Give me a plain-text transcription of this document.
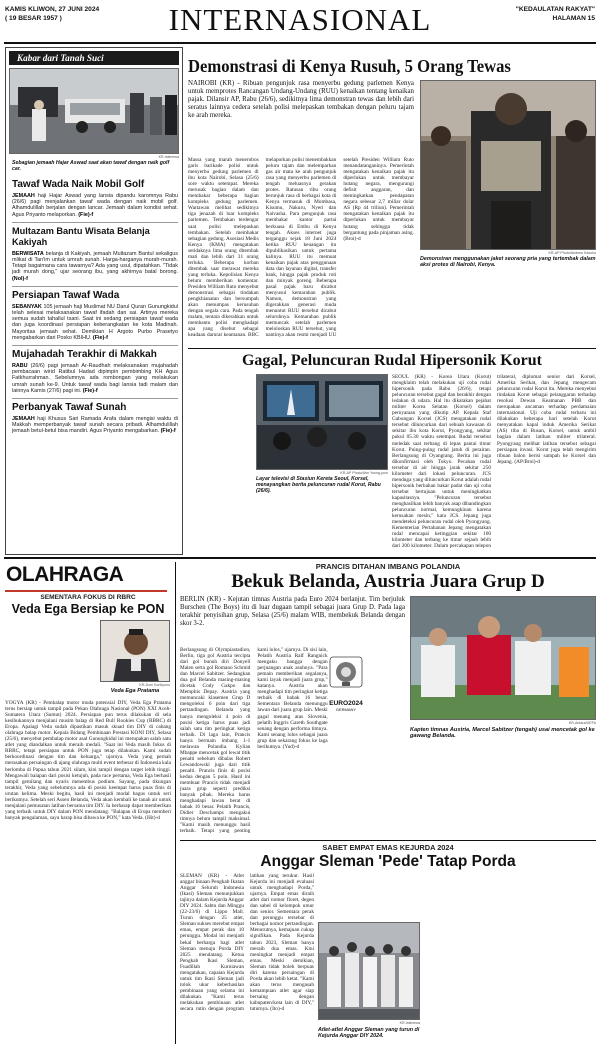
KAMIS KLIWON, 27 JUNI 2024
( 19 BESAR 1957 )	INTERNASIONAL	"KEDAULATAN RAKYAT"
HALAMAN 15
Kabar dari Tanah Suci
KR-Istimewa
Sebagian jemaah Hajar Aswad saat akan tawaf dengan naik golf car.
Tawaf Wada Naik Mobil Golf
JEMAAH haji Hajar Aswad yang lansia dipandu karomnya Rabu (26/6) pagi menjalankan tawaf wada dengan naik mobil golf. Alhamdulillah berjalan dengan lancar. Jemaah dalam kondisi sehat. Agus Priyanto melaporkan. (Fie)-f
Multazam Bantu Wisata Belanja Kakiyah
BERWISATA belanja di Kakiyah, jemaah Multazam Bantul sekaligus mlikat di Tan'im untuk umrah sunah. Harga-harganya murah-murah. Tetapi bagaimana cara tawarnya? Ada yang usul, dipatahkan. "Tidak jadi murah dong," ujar seorang ibu, yang akhirnya batal borong. (Nol)-f
Persiapan Tawaf Wada
SEBANYAK 105 jemaah haji Muslimat NU Darul Quran Gunungkidul telah selesai melaksanakan tawaf ifadah dan sai. Artinya mereka semua sudah tahallul tsani. Saat ini sedang persiapan tawaf wada dan juga koordinasi persiapan keberangkatan ke kota Madinah. Mayoritas jemaah sehat. Demikian H Argoto Purbo Prasetyo mengabarkan dari Posko KBIHU. (Fie)-f
Mujahadah Terakhir di Makkah
RABU (26/6) pagi jemaah Ar-Raudhah melaksanakan mujahadah pembacaan wirid Ratibul Hadad dipimpin pembimbing KH Agus Fatkhurrahman. Sebelumnya ada rombongan yang melakukan umrah sunah ke-9. Untuk tawaf wada bagi lansia tadi malam dan lainnya Kamis (27/6) pagi ini. (Fie)-f
Perbanyak Tawaf Sunah
JEMAAH haji Khusus Sari Ramada Arafa dalam mengisi waktu di Makkah memperbanyak tawaf sunah secara pribadi. Alhamdulillah jemaah betul-betul bisa mandiri. Agus Priyanto mengabarkan. (Fie)-f
Demonstrasi di Kenya Rusuh, 5 Orang Tewas
NAIROBI (KR) - Ribuan pengunjuk rasa menyerbu gedung parlemen Kenya untuk memprotes Rancangan Undang-Undang (RUU) kenaikan tentang kenaikan pajak. Dilansir AP, Rabu (26/6), sedikitnya lima demonstran tewas dan lebih dari seratus lainnya cedera setelah polisi melepaskan tembakan dengan peluru tajam ke arah mereka.
KR-AP Photo/Andrew Kasuku
Demonstran menggunakan jaket seorang pria yang tertembak dalam aksi protes di Nairobi, Kenya.
Massa yang marah menerobos garis barikade polisi untuk menyerbu gedung parlemen di ibu kota Nairobi, Selasa (25/6) sore waktu setempat. Mereka merusak bagian dalam dan membakar beberapa bagian kompleks gedung parlemen. Wartawan melihat sedikitnya tiga jenazah di luar kompleks parlemen. Tembakan terdengar saat polisi melepaskan tembakan. Setelah membakar sebagian gedung. Asosiasi Medis Kenya (KMA) mengatakan setidaknya lima orang ditembak mati dan lebih dari 31 orang terluka. Beberapa korban ditembak saat merawat mereka yang terluka. Kepolisian Kenya belum memberikan komentar. Presiden William Ruto menyebut demonstrasi sebagai tindakan pengkhianatan dan bersumpah akan menumpas kerusuhan dengan segala cara. Pada tengah malam, tentara dikerahkan untuk membantu polisi menghadapi apa yang disebut sebagai keadaan darurat keamanan. BBC melaporkan polisi menembakkan peluru tajam dan melemparkan gas air mata ke arah pengunjuk rasa yang menyerbu parlemen di tengah meluasnya gerakan protes. Ratusan ribu orang berunjuk rasa di berbagai kota di Kenya termasuk di Mombasa, Kisumu, Nakuru, Nyeri dan Naivasha. Para pengunjuk rasa membakar kantor partai berkuasa di Embu di Kenya tengah. Akses internet juga terganggu sejak 18 Juni 2024 ketika RUU keuangan itu dipublikasikan untuk pertama kalinya. RUU itu memuat kenaikan pajak atas penggunaan data dan layanan digital, transfer bank, hingga pajak produk roti dan minyak goreng. Beberapa pasal pajak baru dicabut menyusul kemarahan publik. Namun, demonstran yang digerakkan generasi muda menuntut RUU tersebut dicabut seluruhnya. Kemarahan publik memuncak setelah parlemen meloloskan RUU tersebut, yang nantinya akan resmi menjadi UU setelah Presiden William Ruto menandatanganinya. Pemerintah mengatakan kenaikan pajak itu diperlukan untuk membayar hutang negara, mengurangi defisit anggaran, dan meningkatkan pendapatan negara sebesar 2,7 miliar dolar AS (Rp 44 triliun). Pemerintah mengatakan kenaikan pajak itu diperlukan untuk membayar hutang sehingga tidak bergantung pada pinjaman asing. (Broi)-d
Gagal, Peluncuran Rudal Hipersonik Korut
KR-AP Photo/Ahn Young-joon
Layar televisi di Stasiun Kereta Seoul, Korsel, menayangkan berita peluncuran rudal Korut, Rabu (26/6).
SEOUL (KR) - Korea Utara (Korut) mengklaim telah melakukan uji coba rudal hipersonik pada Rabu (26/6), tetapi peluncuran tersebut gagal dan berakhir dengan ledakan di udara. Hal itu dikatakan pejabat militer Korea Selatan (Korsel) dalam pernyataan yang dikutip AP. Kepala Staf Gabungan Korsel (JCS) mengatakan rudal tersebut diluncurkan dari sebuah kawasan di sekitar ibu kota Korut, Pyongyang, sekitar pukul 05.30 waktu setempat. Rudal tersebut meledak saat terbang di lepas pantai timur Korut. Puing-puing rudal jatuh di perairan. Berlangsung di Oyangrang. Berita ini juga dikonfirmasi oleh Tokyo. Pecahan rudal tersebar di air hingga jarak sekitar 250 kilometer dari lokasi peluncuran. JCS menduga yang diluncurkan Korut adalah rudal hipersonik berbahan bakar padat dan uji coba tersebut bertujuan untuk meningkatkan kapasitasnya. "Peluncuran tersebut menghasilkan lebih banyak asap dibandingkan peluncuran normal, kemungkinan karena kerusakan mesin," kata JCS. Jepang juga mendeteksi peluncuran rudal oleh Pyongyang. Kementerian Pertahanan Jepang mengatakan rudal mencapai ketinggian sekitar 100 kilometer dan terbang ke timur sejauh lebih dari 200 kilometer. Dalam percakapan telepon trilateral, diplomat senior dari Korsel, Amerika Serikat, dan Jepang mengecam peluncuran rudal Korut itu. Mereka menyebut tindakan Korut sebagai pelanggaran terhadap resolusi Dewan Keamanan PBB dan merupakan ancaman terhadap perdamaian internasional. Uji coba rudal terbaru ini dilakukan beberapa hari setelah Korut menyatakan kapal induk Amerika Serikat (AS) tiba di Busan, Korsel, untuk ambil bagian dalam latihan militer trilateral. Pyongyang melihat latihan tersebut sebagai persiapan invasi. Korut juga telah mengirim ribuan balon berisi sampah ke Korsel dan Jepang. (AP/Broi)-d
OLAHRAGA
SEMENTARA FOKUS DI RBRC
Veda Ega Bersiap ke PON
KR-Doni Kontiyono
Veda Ega Pratama
YOGYA (KR) - Pembalap motor muda potensial DIY, Veda Ega Pratama terus bersiap untuk tampil pada Pekan Olahraga Nasional (PON) XXI Aceh-Sumatera Utara (Sumut) 2024. Persiapan pun terus dilakukan di sela kesibukannya menjalani musim balap di Red Bull Rookies Cup (RBRC) di Eropa. Apalagi Veda sudah dipastikan masuk skuad tim DIY di cabang olahraga balap motor. Kepala Bidang Pembinaan Prestasi KONI DIY, Selasa (25/6), menyebut pembalap motor asal Gunungkidul ini merupakan salah satu atlet yang diandalkan untuk meraih medali. "Saat ini Veda masih fokus di RBRC, tetapi persiapan untuk PON juga tetap dilakukan. Kami sudah berkoordinasi dengan tim dan keluarga," ujarnya. Veda yang pernah merasakan persaingan di ajang olahraga multi event terbesar di Indonesia kala berlomba di Papua tahun 2021 silam, kini tampil dengan target lebih tinggi. Mengawali balapan dari posisi ketujuh, pada race pertama, Veda Ega berhasil tampil gemilang dan nyaris menembus podium. Sayang, pada tikungan terakhir, Veda yang sebelumnya ada di posisi keempat harus puas finis di urutan kelima. Meski begitu, hasil ini menjadi modal bagus untuk seri berikutnya. Setelah seri Assen Belanda, Veda akan kembali ke tanah air untuk menjalani pemusatan latihan bersama tim DIY. Ia berharap dapat memberikan yang terbaik untuk DIY dalam PON mendatang. "Balapan di Eropa memberi banyak pengalaman, saya harap bisa dibawa ke PON," kata Veda. (Hit)-d
PRANCIS DITAHAN IMBANG POLANDIA
Bekuk Belanda, Austria Juara Grup D
BERLIN (KR) - Kejutan timnas Austria pada Euro 2024 berlanjut. Tim berjuluk Burschen (The Boys) itu di luar dugaan tampil sebagai juara Grup D. Pada laga terakhir penyisihan grup, Selasa (25/6) malam WIB, membekuk Belanda dengan skor 3-2.
KR-Antara/UEFA
EURO2024
GERMANY
Kapten timnas Austria, Marcel Sabitzer (tengah) usai mencetak gol ke gawang Belanda.
Berlangsung di Olympiastadion, Berlin, tiga gol Austria tercipta dari gol bunuh diri Donyell Malen serta gol Romano Schmid dan Marcel Sabitzer. Sedangkan dua gol Belanda masing-masing dicetak Cody Gakpo dan Memphis Depay. Austria yang memuncaki klasemen Grup D mengoleksi 6 poin dari tiga pertandingan. Belanda yang hanya mengoleksi 4 poin di posisi ketiga harus puas jadi salah satu tim peringkat ketiga terbaik. Di laga lain, Prancis hanya bermain imbang 1-1 melawan Polandia. Kylian Mbappe mencetak gol lewat titik penalti sebelum dibalas Robert Lewandowski juga dari titik penalti. Prancis finis di posisi kedua dengan 5 poin. Hasil ini membuat Prancis tidak menjadi juara grup seperti prediksi banyak pihak. Mereka harus menghadapi lawan berat di babak 16 besar. Pelatih Prancis, Didier Deschamps mengakui timnya belum tampil maksimal. "Kami masih menunggu hasil terbaik. Tetapi yang penting kami lolos," ujarnya. Di sisi lain, Pelatih Austria Ralf Rangnick mengaku bangga dengan perjuangan anak asuhnya. "Para pemain memberikan segalanya, kami layak menjadi juara grup," katanya. Austria akan menghadapi tim peringkat ketiga terbaik di babak 16 besar. Sementara Belanda menunggu lawan dari juara grup lain. Meski gagal menang atas Slovenia, pelatih Inggris Gareth Southgate senang dengan performa timnya. Kami senang lolos sebagai juara grup dan sekarang fokus ke laga berikutnya. (Yud)-d
SABET EMPAT EMAS KEJURDA 2024
Anggar Sleman 'Pede' Tatap Porda
KR-Istimewa
Atlet-atlet Anggar Sleman yang turun di Kejurda Anggar DIY 2024.
SLEMAN (KR) - Atlet anggar binaan Pengkab Ikatan Anggar Seluruh Indonesia (Ikasi) Sleman menunjukkan tajinya dalam Kejurda Anggar DIY 2024. Sabtu dan Minggu (22-23/6) di Lippo Mall. Turun dengan 25 atlet, Sleman sukses merebut empat emas, empat perak dan 10 perunggu. Modal ini menjadi bekal berharga bagi atlet Sleman menuju Porda DIY 2025 mendatang. Ketua Pengkab Ikasi Sleman, Fuadillah Kurniawan mengatakan, capaian Kejurda untuk tim Ikasi Sleman jadi tolok ukur keberhasilan pembinaan yang selama ini dilakukan. "Kami terus melakukan pembinaan atlet secara rutin dengan program latihan yang terukur. Hasil Kejurda ini menjadi evaluasi untuk menghadapi Porda," ujarnya. Empat emas diraih atlet dari nomor floret, degen dan sabel di kelompok umur dan senior. Sementara perak dan perunggu tersebar di berbagai nomor pertandingan. Menurutnya, kemajuan cukup signifikan. Pada Kejurda tahun 2023, Sleman hanya meraih dua emas. Kini meningkat menjadi empat emas. Meski demikian, Sleman tidak boleh berpuas diri karena persaingan di Porda akan lebih ketat. "Kami akan terus mengasah kemampuan atlet agar siap bersaing dengan kabupaten/kota lain di DIY," tuturnya. (Ito)-d
